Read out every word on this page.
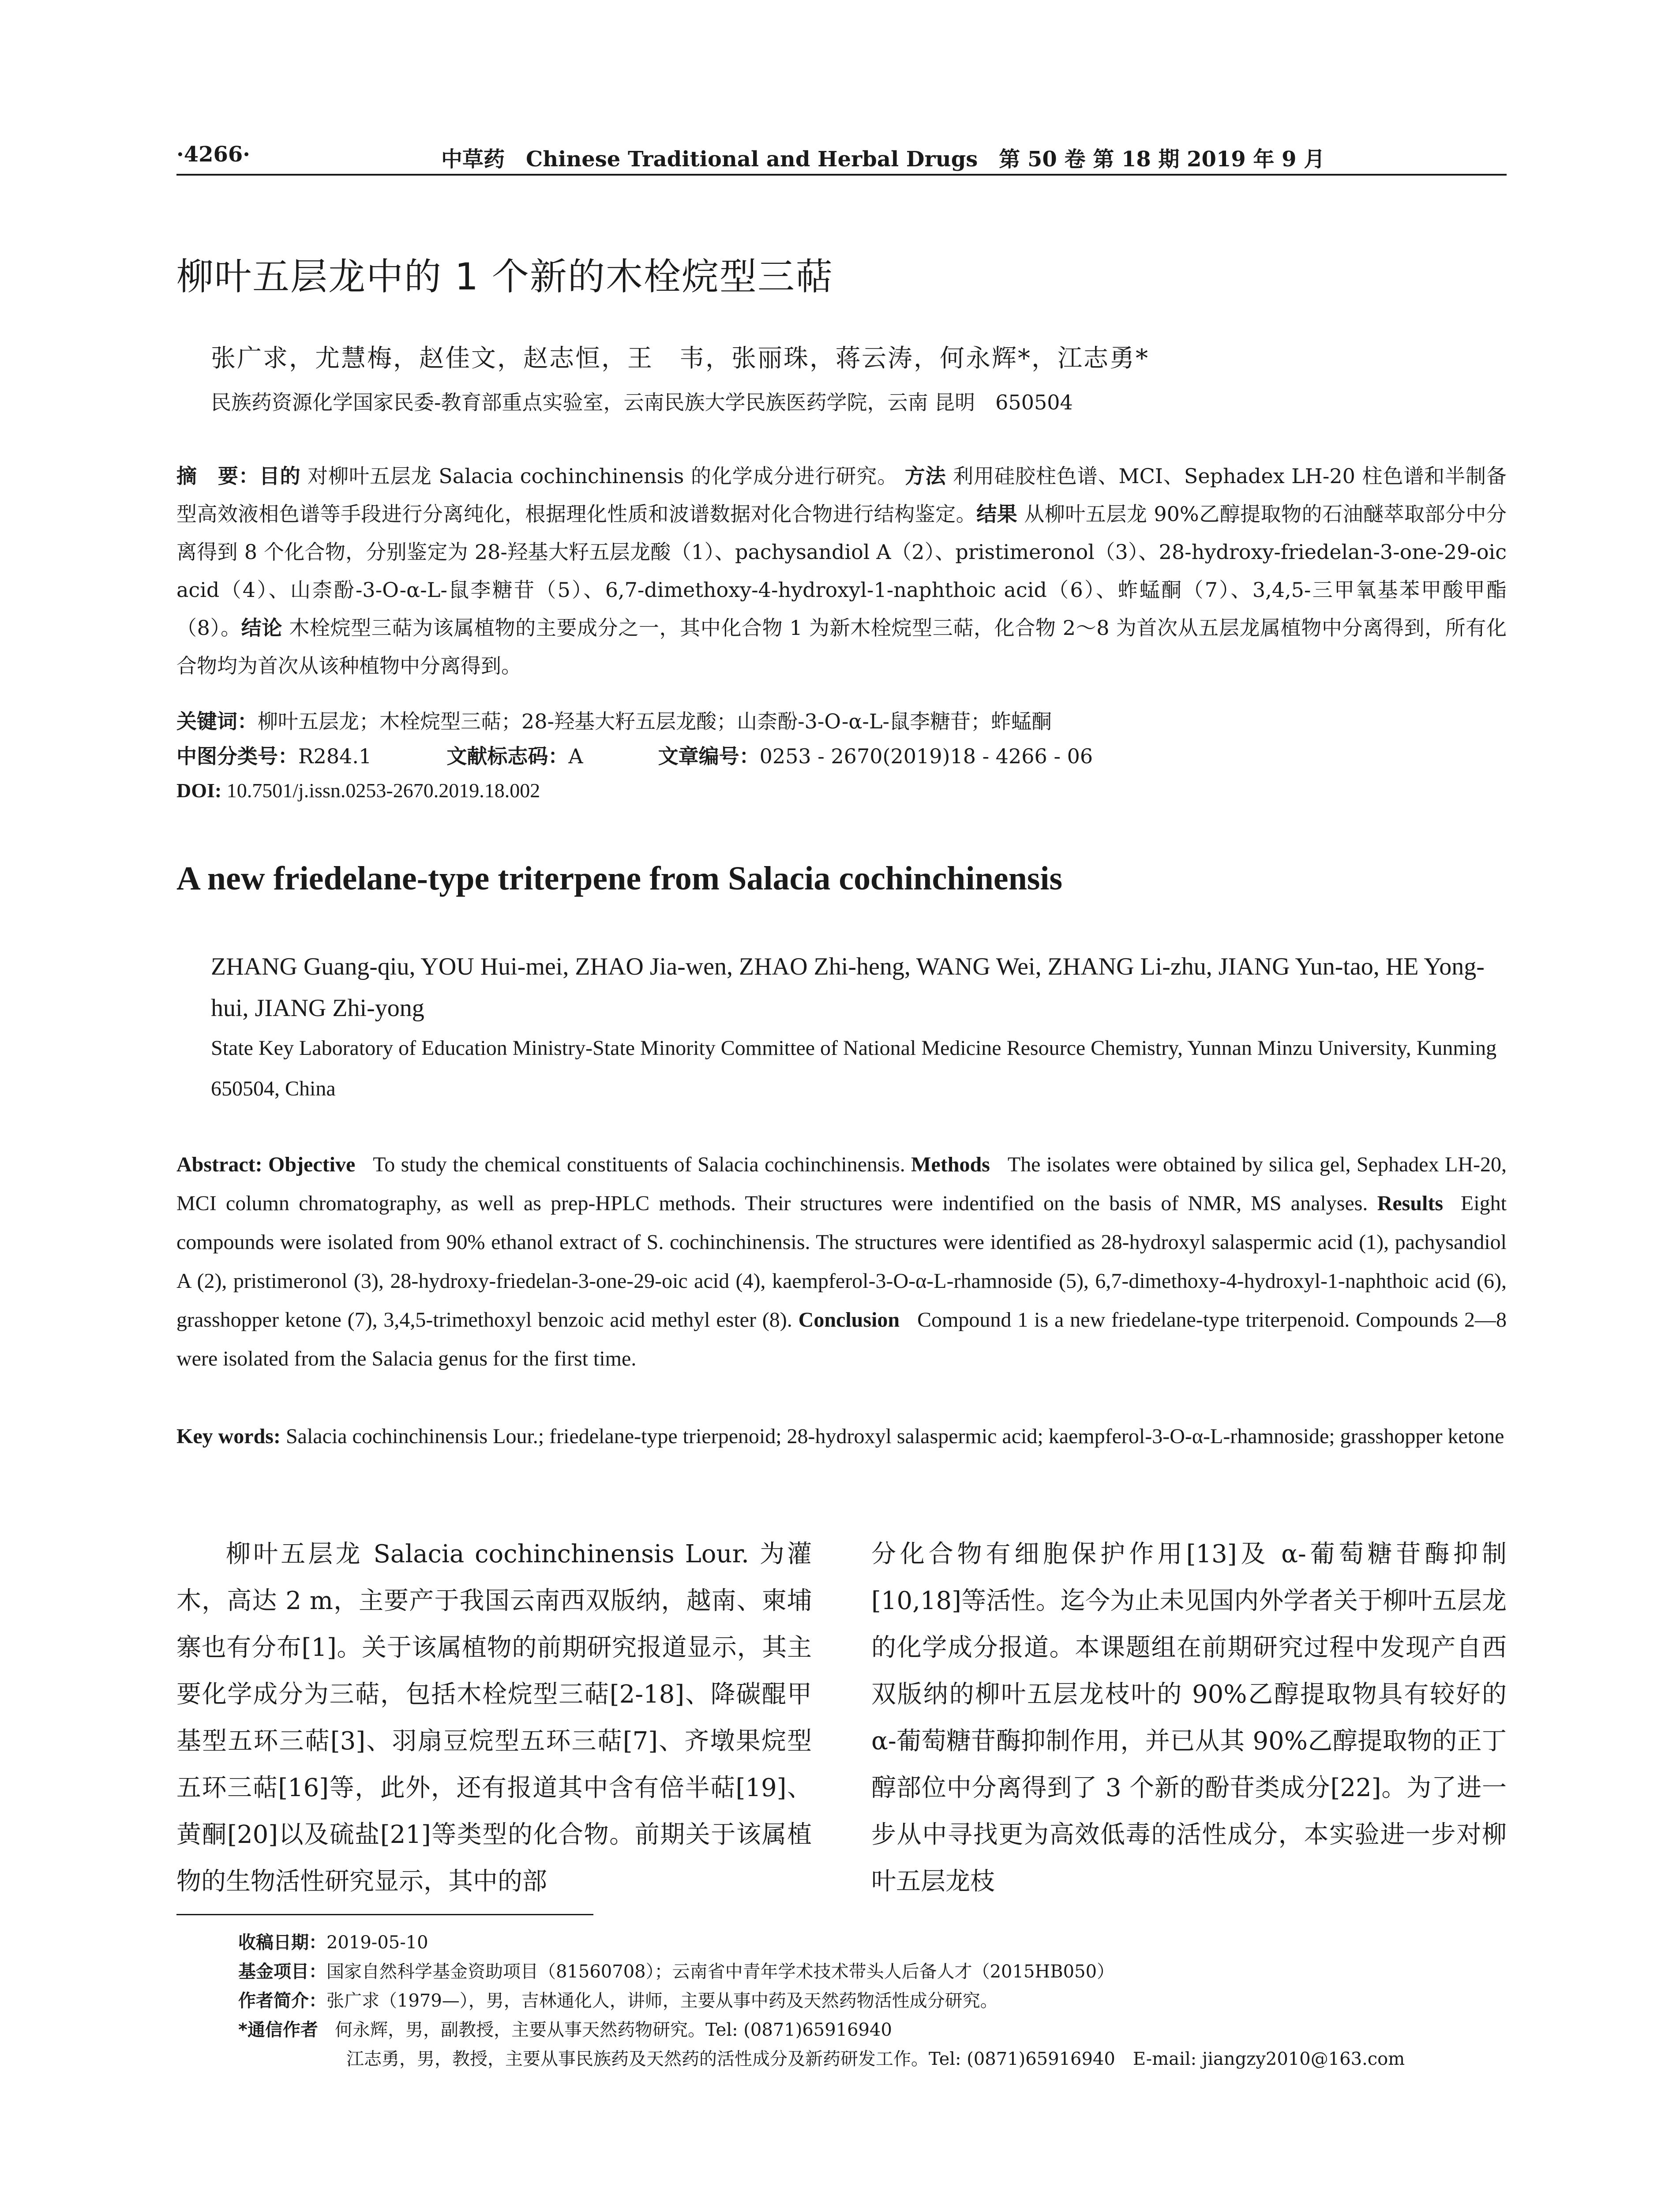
·4266·	中草药　Chinese Traditional and Herbal Drugs　第 50 卷 第 18 期 2019 年 9 月
柳叶五层龙中的 1 个新的木栓烷型三萜
张广求，尤慧梅，赵佳文，赵志恒，王　韦，张丽珠，蒋云涛，何永辉*，江志勇*
民族药资源化学国家民委-教育部重点实验室，云南民族大学民族医药学院，云南 昆明　650504
摘　要：目的 对柳叶五层龙 Salacia cochinchinensis 的化学成分进行研究。 方法 利用硅胶柱色谱、MCI、Sephadex LH-20 柱色谱和半制备型高效液相色谱等手段进行分离纯化，根据理化性质和波谱数据对化合物进行结构鉴定。结果 从柳叶五层龙 90%乙醇提取物的石油醚萃取部分中分离得到 8 个化合物，分别鉴定为 28-羟基大籽五层龙酸（1）、pachysandiol A（2）、pristimeronol（3）、28-hydroxy-friedelan-3-one-29-oic acid（4）、山柰酚-3-O-α-L-鼠李糖苷（5）、6,7-dimethoxy-4-hydroxyl-1-naphthoic acid（6）、蚱蜢酮（7）、3,4,5-三甲氧基苯甲酸甲酯（8）。结论 木栓烷型三萜为该属植物的主要成分之一，其中化合物 1 为新木栓烷型三萜，化合物 2～8 为首次从五层龙属植物中分离得到，所有化合物均为首次从该种植物中分离得到。
关键词：柳叶五层龙；木栓烷型三萜；28-羟基大籽五层龙酸；山柰酚-3-O-α-L-鼠李糖苷；蚱蜢酮
中图分类号：R284.1	文献标志码：A	文章编号：0253 - 2670(2019)18 - 4266 - 06
DOI: 10.7501/j.issn.0253-2670.2019.18.002
A new friedelane-type triterpene from Salacia cochinchinensis
ZHANG Guang-qiu, YOU Hui-mei, ZHAO Jia-wen, ZHAO Zhi-heng, WANG Wei, ZHANG Li-zhu, JIANG Yun-tao, HE Yong-hui, JIANG Zhi-yong
State Key Laboratory of Education Ministry-State Minority Committee of National Medicine Resource Chemistry, Yunnan Minzu University, Kunming 650504, China
Abstract: Objective To study the chemical constituents of Salacia cochinchinensis. Methods The isolates were obtained by silica gel, Sephadex LH-20, MCI column chromatography, as well as prep-HPLC methods. Their structures were indentified on the basis of NMR, MS analyses. Results Eight compounds were isolated from 90% ethanol extract of S. cochinchinensis. The structures were identified as 28-hydroxyl salaspermic acid (1), pachysandiol A (2), pristimeronol (3), 28-hydroxy-friedelan-3-one-29-oic acid (4), kaempferol-3-O-α-L-rhamnoside (5), 6,7-dimethoxy-4-hydroxyl-1-naphthoic acid (6), grasshopper ketone (7), 3,4,5-trimethoxyl benzoic acid methyl ester (8). Conclusion Compound 1 is a new friedelane-type triterpenoid. Compounds 2—8 were isolated from the Salacia genus for the first time.
Key words: Salacia cochinchinensis Lour.; friedelane-type trierpenoid; 28-hydroxyl salaspermic acid; kaempferol-3-O-α-L-rhamnoside; grasshopper ketone
柳叶五层龙 Salacia cochinchinensis Lour. 为灌木，高达 2 m，主要产于我国云南西双版纳，越南、柬埔寨也有分布[1]。关于该属植物的前期研究报道显示，其主要化学成分为三萜，包括木栓烷型三萜[2-18]、降碳醌甲基型五环三萜[3]、羽扇豆烷型五环三萜[7]、齐墩果烷型五环三萜[16]等，此外，还有报道其中含有倍半萜[19]、黄酮[20]以及硫盐[21]等类型的化合物。前期关于该属植物的生物活性研究显示，其中的部
分化合物有细胞保护作用[13]及 α-葡萄糖苷酶抑制[10,18]等活性。迄今为止未见国内外学者关于柳叶五层龙的化学成分报道。本课题组在前期研究过程中发现产自西双版纳的柳叶五层龙枝叶的 90%乙醇提取物具有较好的 α-葡萄糖苷酶抑制作用，并已从其 90%乙醇提取物的正丁醇部位中分离得到了 3 个新的酚苷类成分[22]。为了进一步从中寻找更为高效低毒的活性成分，本实验进一步对柳叶五层龙枝
收稿日期：2019-05-10
基金项目：国家自然科学基金资助项目（81560708）；云南省中青年学术技术带头人后备人才（2015HB050）
作者简介：张广求（1979—），男，吉林通化人，讲师，主要从事中药及天然药物活性成分研究。
*通信作者 何永辉，男，副教授，主要从事天然药物研究。Tel: (0871)65916940
江志勇，男，教授，主要从事民族药及天然药的活性成分及新药研发工作。Tel: (0871)65916940　E-mail: jiangzy2010@163.com
